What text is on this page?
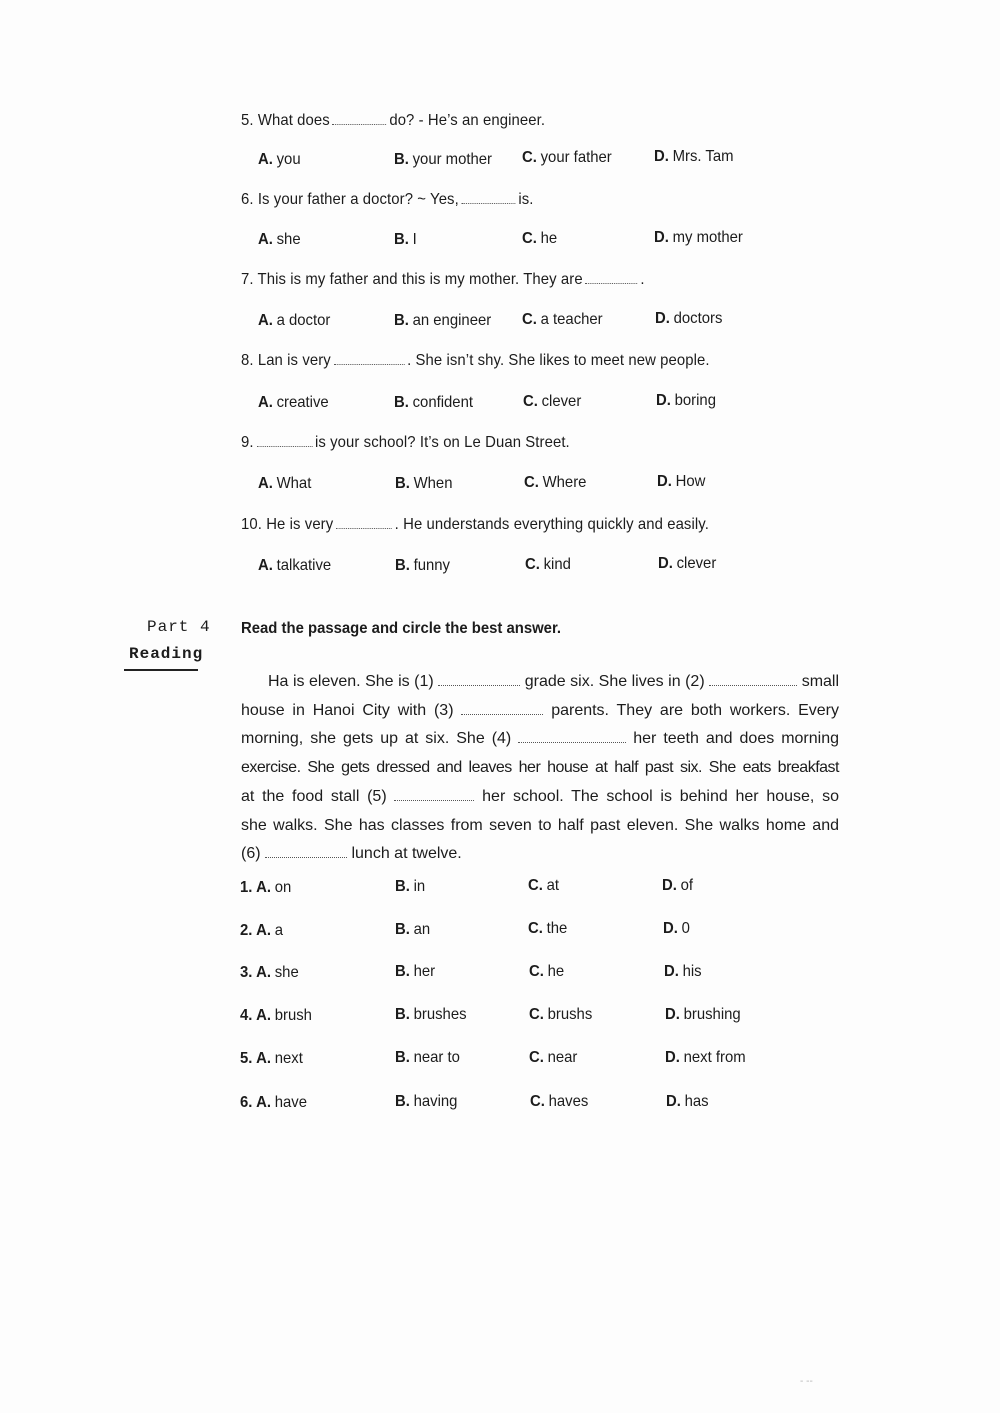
5. What does	do? - He’s an engineer.
A. you	B. your mother C. your father	D. Mrs. Tam
6. Is your father a doctor? ~ Yes,	is.
A. she	B. I	C. he	D. my mother
7. This is my father and this is my mother. They are	.
A. a doctor	B. an engineer C. a teacher	D. doctors
8. Lan is very	. She isn’t shy. She likes to meet new people.
A. creative	B. confident	C. clever	D. boring
9.	is your school? It’s on Le Duan Street.
A. What	B. When	C. Where	D. How
10. He is very	. He understands everything quickly and easily.
A. talkative	B. funny	C. kind	D. clever
Part 4
Reading
Read the passage and circle the best answer.
Ha is eleven. She is (1)	grade six. She lives in (2)	small
house in Hanoi City with (3)	parents. They are both workers. Every
morning, she gets up at six. She (4)	her teeth and does morning
exercise. She gets dressed and leaves her house at half past six. She eats breakfast
at the food stall (5)	her school. The school is behind her house, so
she walks. She has classes from seven to half past eleven. She walks home and
(6)	lunch at twelve.
1. A. on	B. in	C. at	D. of
2. A. a	B. an	C. the	D. 0
3. A. she	B. her	C. he	D. his
4. A. brush	B. brushes	C. brushs	D. brushing
5. A. next	B. near to	C. near	D. next from
6. A. have	B. having	C. haves	D. has
- --
